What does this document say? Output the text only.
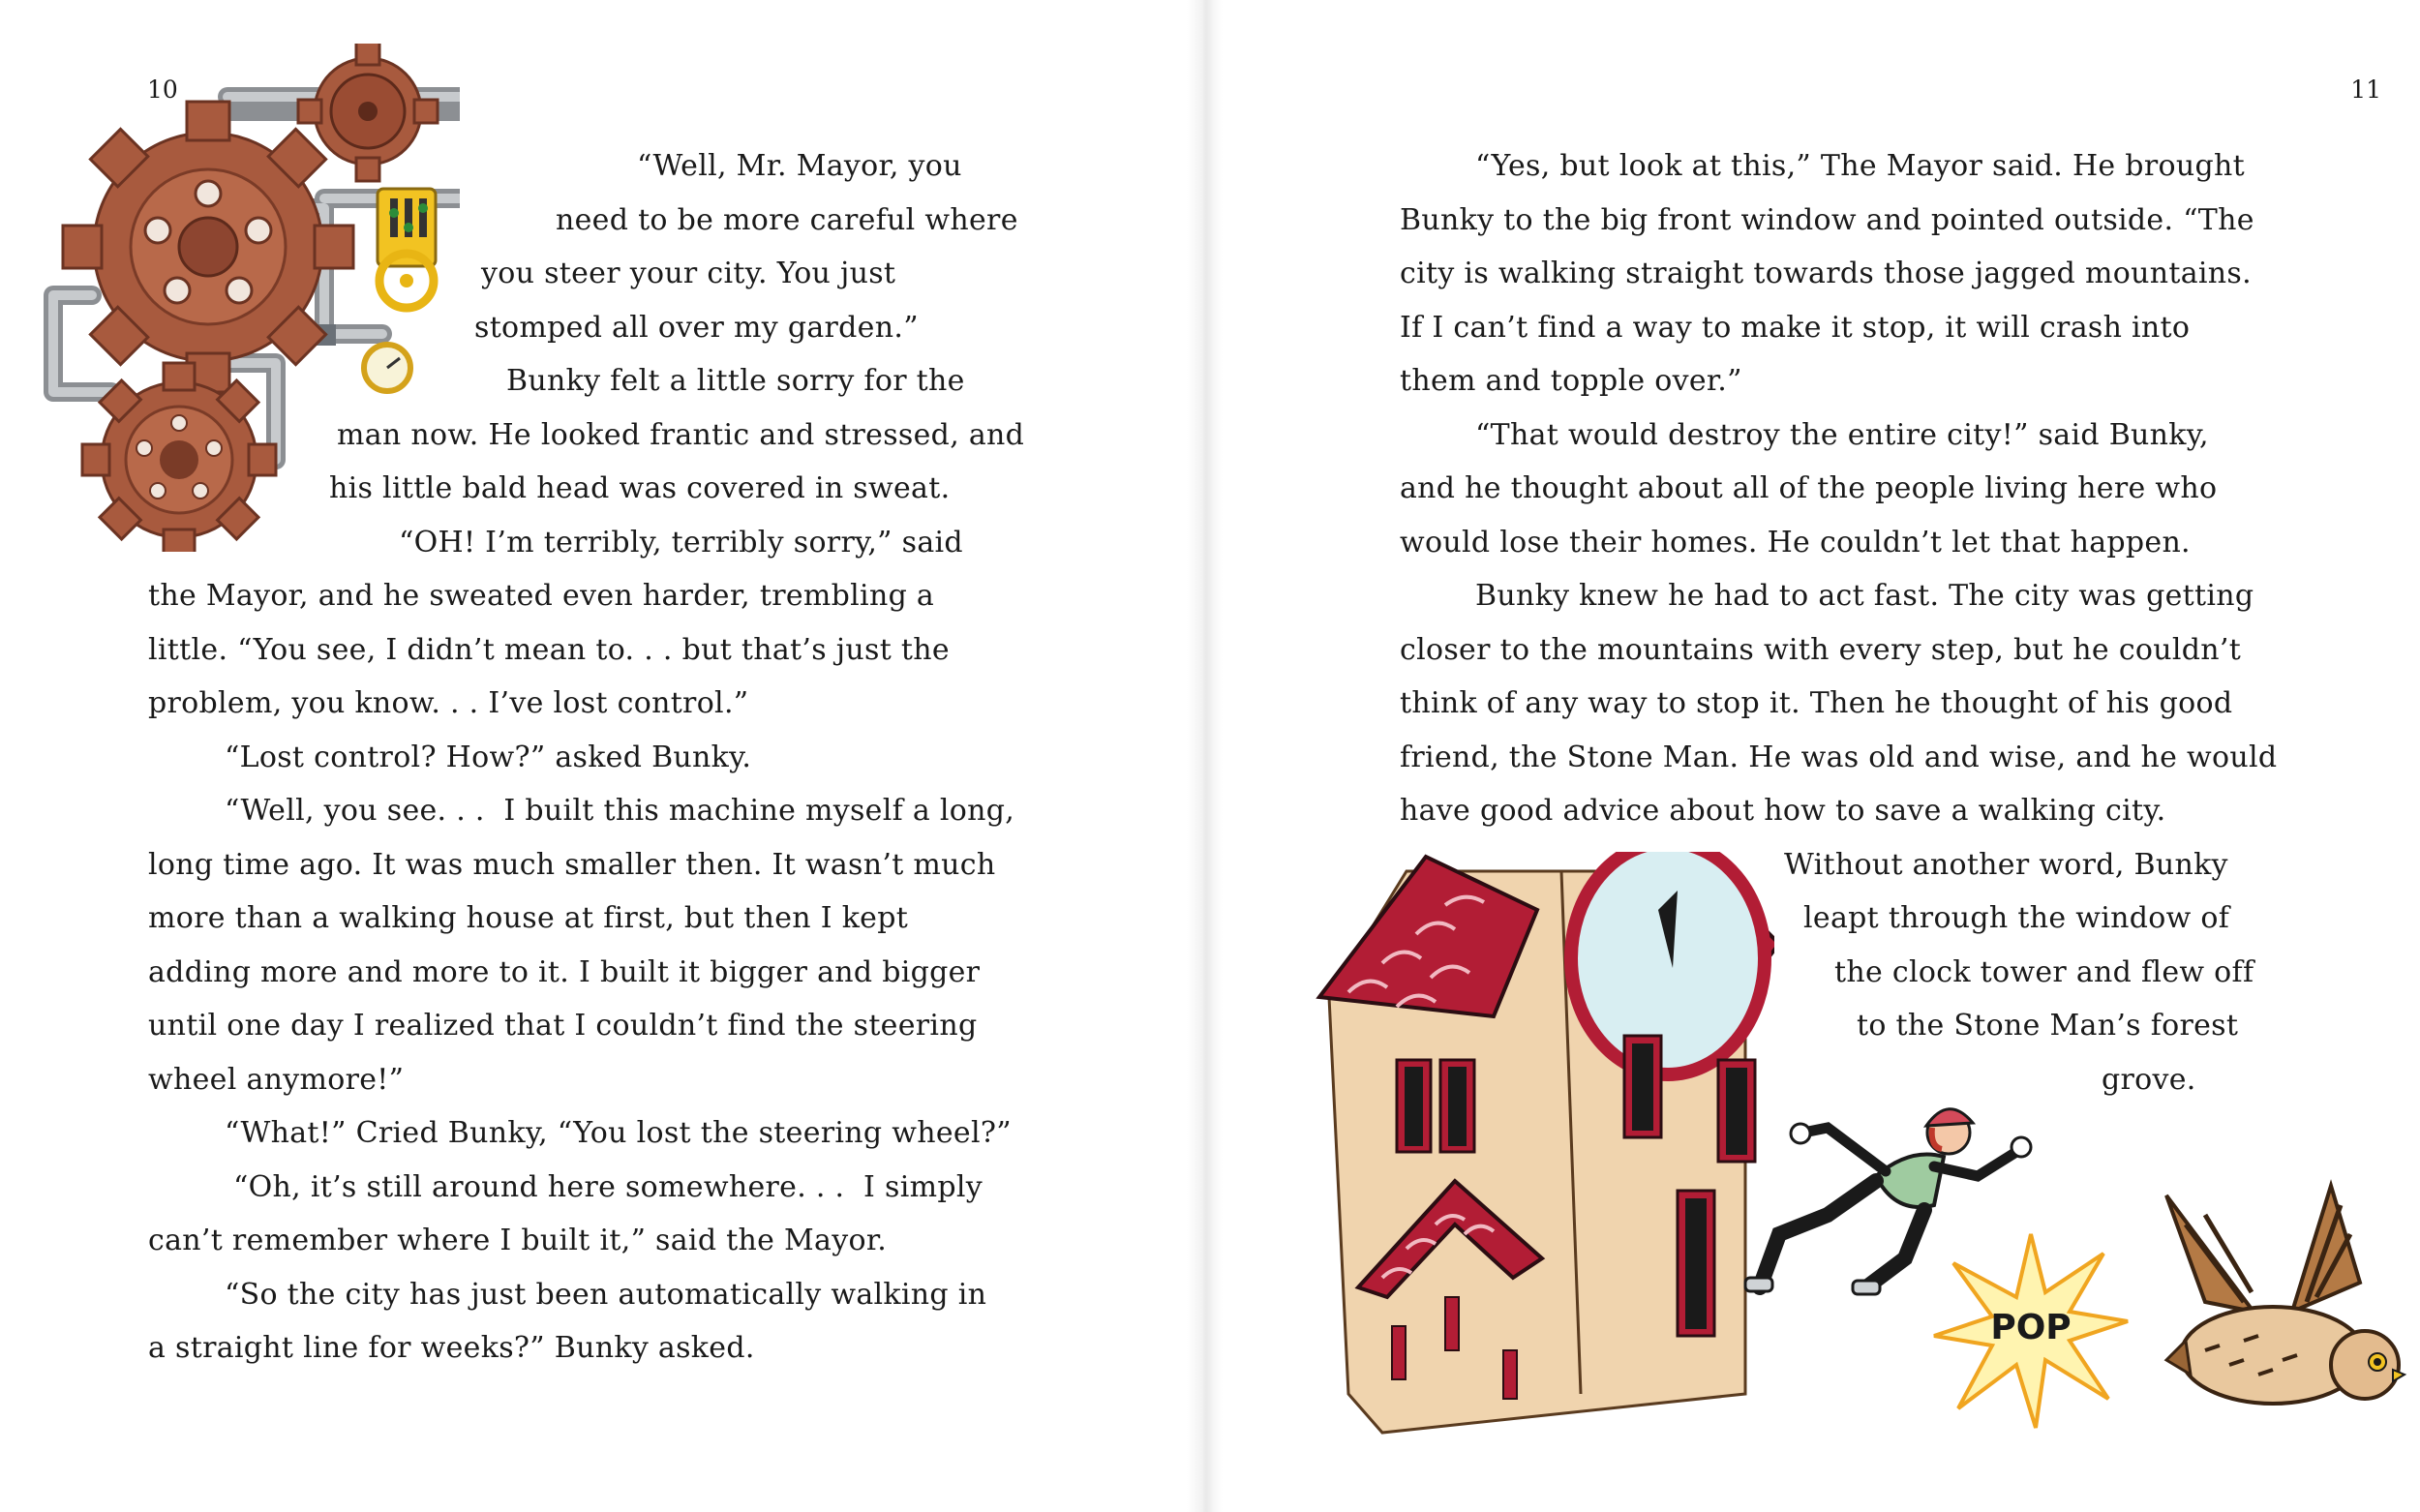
10
“Well, Mr. Mayor, you
need to be more careful where
you steer your city. You just
stomped all over my garden.”
Bunky felt a little sorry for the
man now. He looked frantic and stressed, and
his little bald head was covered in sweat.
“OH! I’m terribly, terribly sorry,” said
the Mayor, and he sweated even harder, trembling a
little. “You see, I didn’t mean to. . . but that’s just the
problem, you know. . . I’ve lost control.”
“Lost control? How?” asked Bunky.
“Well, you see. . .  I built this machine myself a long,
long time ago. It was much smaller then. It wasn’t much
more than a walking house at first, but then I kept
adding more and more to it. I built it bigger and bigger
until one day I realized that I couldn’t find the steering
wheel anymore!”
“What!” Cried Bunky, “You lost the steering wheel?”
“Oh, it’s still around here somewhere. . .  I simply
can’t remember where I built it,” said the Mayor.
“So the city has just been automatically walking in
a straight line for weeks?” Bunky asked.
11
“Yes, but look at this,” The Mayor said. He brought
Bunky to the big front window and pointed outside. “The
city is walking straight towards those jagged mountains.
If I can’t find a way to make it stop, it will crash into
them and topple over.”
“That would destroy the entire city!” said Bunky,
and he thought about all of the people living here who
would lose their homes. He couldn’t let that happen.
Bunky knew he had to act fast. The city was getting
closer to the mountains with every step, but he couldn’t
think of any way to stop it. Then he thought of his good
friend, the Stone Man. He was old and wise, and he would
have good advice about how to save a walking city.
Without another word, Bunky
leapt through the window of
the clock tower and flew off
to the Stone Man’s forest
grove.
POP
